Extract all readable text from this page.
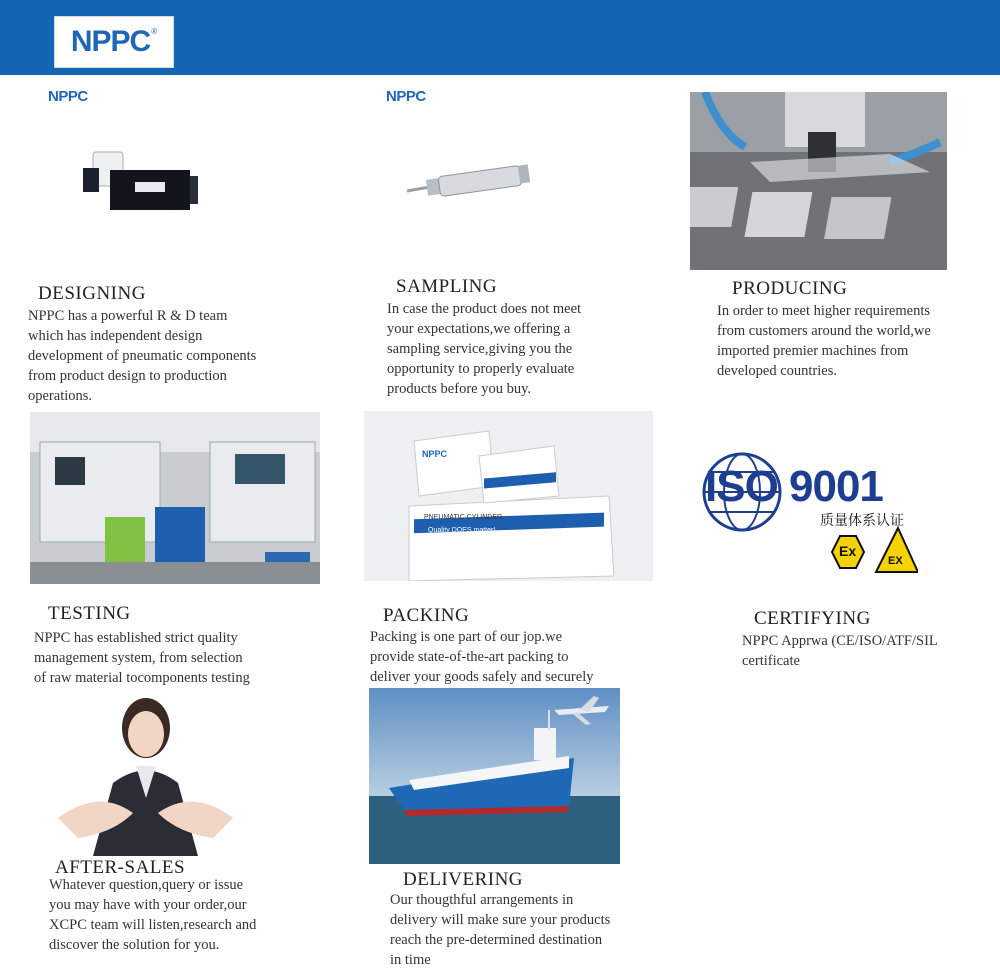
NPPC ®
NPPC
DESIGNING
NPPC has a powerful R & D team
which has independent design
development of pneumatic components
from product design to production
operations.
NPPC
SAMPLING
In case the product does not meet
your expectations,we offering a
sampling service,giving you the
opportunity to properly evaluate
products before you buy.
PRODUCING
In order to meet higher requirements
from customers around the world,we
imported premier machines from
developed countries.
TESTING
NPPC has established strict quality
management system, from selection
of raw material tocomponents testing
NPPC
PNEUMATIC CYLINDER
Quality DOES matter!
PACKING
Packing is one part of our jop.we
provide state-of-the-art packing to
deliver your goods safely and securely
ISO 9001
质量体系认证
Ex
EX
CERTIFYING
NPPC Apprwa (CE/ISO/ATF/SIL
certificate
AFTER-SALES
Whatever question,query or issue
you may have with your order,our
XCPC team will listen,research and
discover the solution for you.
DELIVERING
Our thougthful arrangements in
delivery will make sure your products
reach the pre-determined destination
in time
